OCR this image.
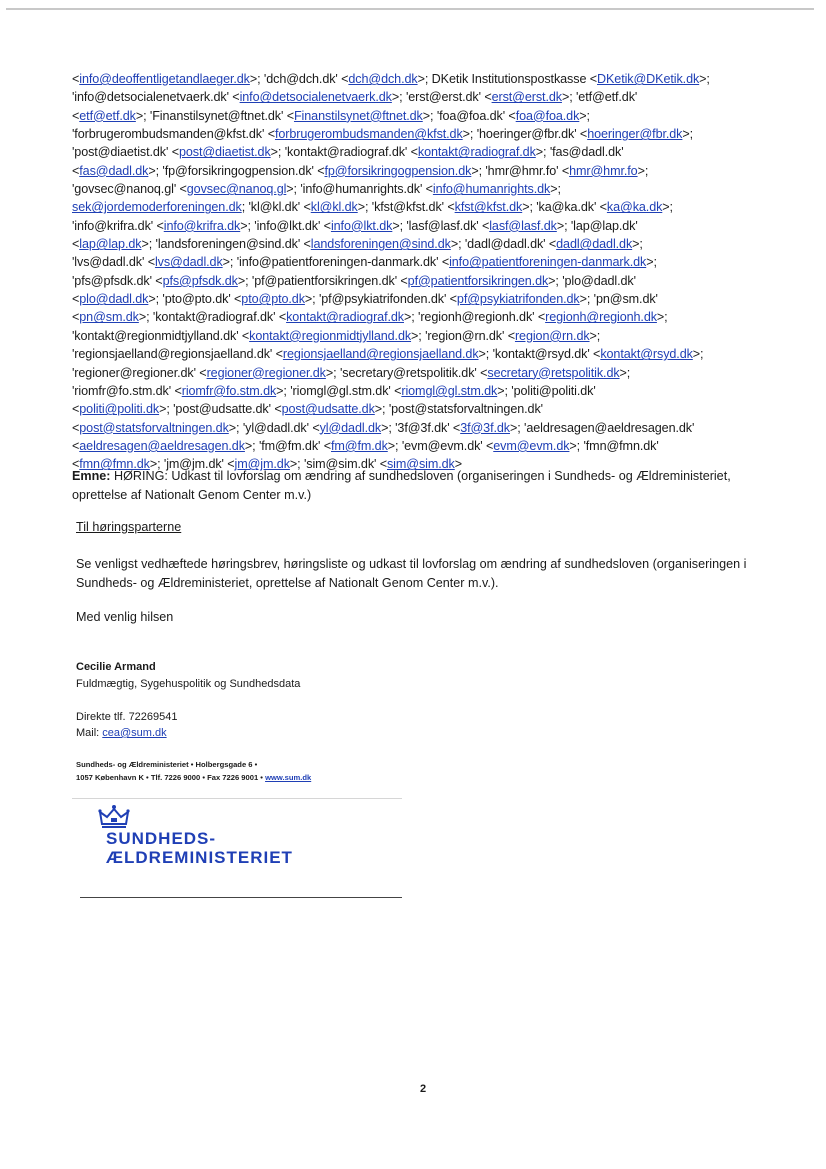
<info@deoffentligetandlaeger.dk>; 'dch@dch.dk' <dch@dch.dk>; DKetik Institutionspostkasse <DKetik@DKetik.dk>;
'info@detsocialenetvaerk.dk' <info@detsocialenetvaerk.dk>; 'erst@erst.dk' <erst@erst.dk>; 'etf@etf.dk'
<etf@etf.dk>; 'Finanstilsynet@ftnet.dk' <Finanstilsynet@ftnet.dk>; 'foa@foa.dk' <foa@foa.dk>;
'forbrugerombudsmanden@kfst.dk' <forbrugerombudsmanden@kfst.dk>; 'hoeringer@fbr.dk' <hoeringer@fbr.dk>;
'post@diaetist.dk' <post@diaetist.dk>; 'kontakt@radiograf.dk' <kontakt@radiograf.dk>; 'fas@dadl.dk'
<fas@dadl.dk>; 'fp@forsikringogpension.dk' <fp@forsikringogpension.dk>; 'hmr@hmr.fo' <hmr@hmr.fo>;
'govsec@nanoq.gl' <govsec@nanoq.gl>; 'info@humanrights.dk' <info@humanrights.dk>;
sek@jordemoderforeningen.dk; 'kl@kl.dk' <kl@kl.dk>; 'kfst@kfst.dk' <kfst@kfst.dk>; 'ka@ka.dk' <ka@ka.dk>;
'info@krifra.dk' <info@krifra.dk>; 'info@lkt.dk' <info@lkt.dk>; 'lasf@lasf.dk' <lasf@lasf.dk>; 'lap@lap.dk'
<lap@lap.dk>; 'landsforeningen@sind.dk' <landsforeningen@sind.dk>; 'dadl@dadl.dk' <dadl@dadl.dk>;
'lvs@dadl.dk' <lvs@dadl.dk>; 'info@patientforeningen-danmark.dk' <info@patientforeningen-danmark.dk>;
'pfs@pfsdk.dk' <pfs@pfsdk.dk>; 'pf@patientforsikringen.dk' <pf@patientforsikringen.dk>; 'plo@dadl.dk'
<plo@dadl.dk>; 'pto@pto.dk' <pto@pto.dk>; 'pf@psykiatrifonden.dk' <pf@psykiatrifonden.dk>; 'pn@sm.dk'
<pn@sm.dk>; 'kontakt@radiograf.dk' <kontakt@radiograf.dk>; 'regionh@regionh.dk' <regionh@regionh.dk>;
'kontakt@regionmidtjylland.dk' <kontakt@regionmidtjylland.dk>; 'region@rn.dk' <region@rn.dk>;
'regionsjaelland@regionsjaelland.dk' <regionsjaelland@regionsjaelland.dk>; 'kontakt@rsyd.dk' <kontakt@rsyd.dk>;
'regioner@regioner.dk' <regioner@regioner.dk>; 'secretary@retspolitik.dk' <secretary@retspolitik.dk>;
'riomfr@fo.stm.dk' <riomfr@fo.stm.dk>; 'riomgl@gl.stm.dk' <riomgl@gl.stm.dk>; 'politi@politi.dk'
<politi@politi.dk>; 'post@udsatte.dk' <post@udsatte.dk>; 'post@statsforvaltningen.dk'
<post@statsforvaltningen.dk>; 'yl@dadl.dk' <yl@dadl.dk>; '3f@3f.dk' <3f@3f.dk>; 'aeldresagen@aeldresagen.dk'
<aeldresagen@aeldresagen.dk>; 'fm@fm.dk' <fm@fm.dk>; 'evm@evm.dk' <evm@evm.dk>; 'fmn@fmn.dk'
<fmn@fmn.dk>; 'jm@jm.dk' <jm@jm.dk>; 'sim@sim.dk' <sim@sim.dk>
Emne: HØRING: Udkast til lovforslag om ændring af sundhedsloven (organiseringen i Sundheds- og Ældreministeriet, oprettelse af Nationalt Genom Center m.v.)
Til høringsparterne
Se venligst vedhæftede høringsbrev, høringsliste og udkast til lovforslag om ændring af sundhedsloven (organiseringen i Sundheds- og Ældreministeriet, oprettelse af Nationalt Genom Center m.v.).
Med venlig hilsen
Cecilie Armand
Fuldmægtig, Sygehuspolitik og Sundhedsdata
Direkte tlf. 72269541
Mail: cea@sum.dk
Sundheds- og Ældreministeriet • Holbergsgade 6 •
1057 København K • Tlf. 7226 9000 • Fax 7226 9001 • www.sum.dk
SUNDHEDS-
ÆLDREMINISTERIET
2
